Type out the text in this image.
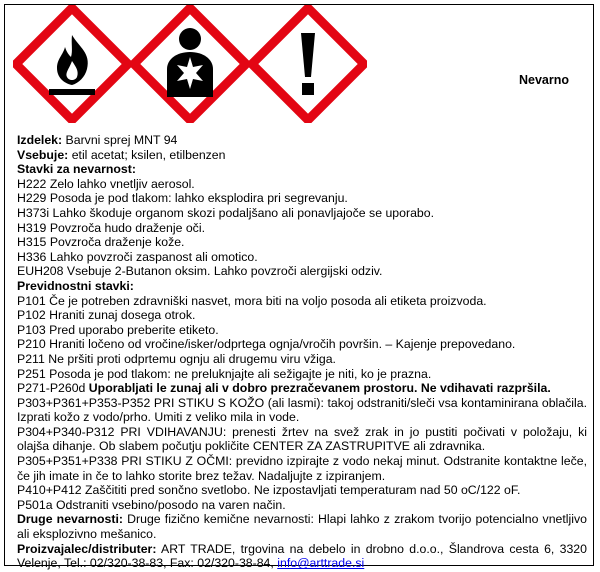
Nevarno
Izdelek: Barvni sprej MNT 94
Vsebuje: etil acetat; ksilen, etilbenzen
Stavki za nevarnost:
H222 Zelo lahko vnetljiv aerosol.
H229 Posoda je pod tlakom: lahko eksplodira pri segrevanju.
H373i Lahko škoduje organom skozi podaljšano ali ponavljajoče se uporabo.
H319 Povzroča hudo draženje oči.
H315 Povzroča draženje kože.
H336 Lahko povzroči zaspanost ali omotico.
EUH208 Vsebuje 2-Butanon oksim. Lahko povzroči alergijski odziv.
Previdnostni stavki:
P101 Če je potreben zdravniški nasvet, mora biti na voljo posoda ali etiketa proizvoda.
P102 Hraniti zunaj dosega otrok.
P103 Pred uporabo preberite etiketo.
P210 Hraniti ločeno od vročine/isker/odprtega ognja/vročih površin. – Kajenje prepovedano.
P211 Ne pršiti proti odprtemu ognju ali drugemu viru vžiga.
P251 Posoda je pod tlakom: ne preluknjajte ali sežigajte je niti, ko je prazna.
P271-P260d Uporabljati le zunaj ali v dobro prezračevanem prostoru. Ne vdihavati razpršila.
P303+P361+P353-P352 PRI STIKU S KOŽO (ali lasmi): takoj odstraniti/sleči vsa kontaminirana oblačila. Izprati kožo z vodo/prho. Umiti z veliko mila in vode.
P304+P340-P312 PRI VDIHAVANJU: prenesti žrtev na svež zrak in jo pustiti počivati v položaju, ki olajša dihanje. Ob slabem počutju pokličite CENTER ZA ZASTRUPITVE ali zdravnika.
P305+P351+P338 PRI STIKU Z OČMI: previdno izpirajte z vodo nekaj minut. Odstranite kontaktne leče, če jih imate in če to lahko storite brez težav. Nadaljujte z izpiranjem.
P410+P412 Zaščititi pred sončno svetlobo. Ne izpostavljati temperaturam nad 50 oC/122 oF.
P501a Odstraniti vsebino/posodo na varen način.
Druge nevarnosti: Druge fizično kemične nevarnosti: Hlapi lahko z zrakom tvorijo potencialno vnetljivo ali eksplozivno mešanico.
Proizvajalec/distributer: ART TRADE, trgovina na debelo in drobno d.o.o., Šlandrova cesta 6, 3320 Velenje, Tel.: 02/320-38-83, Fax: 02/320-38-84, info@arttrade.si
